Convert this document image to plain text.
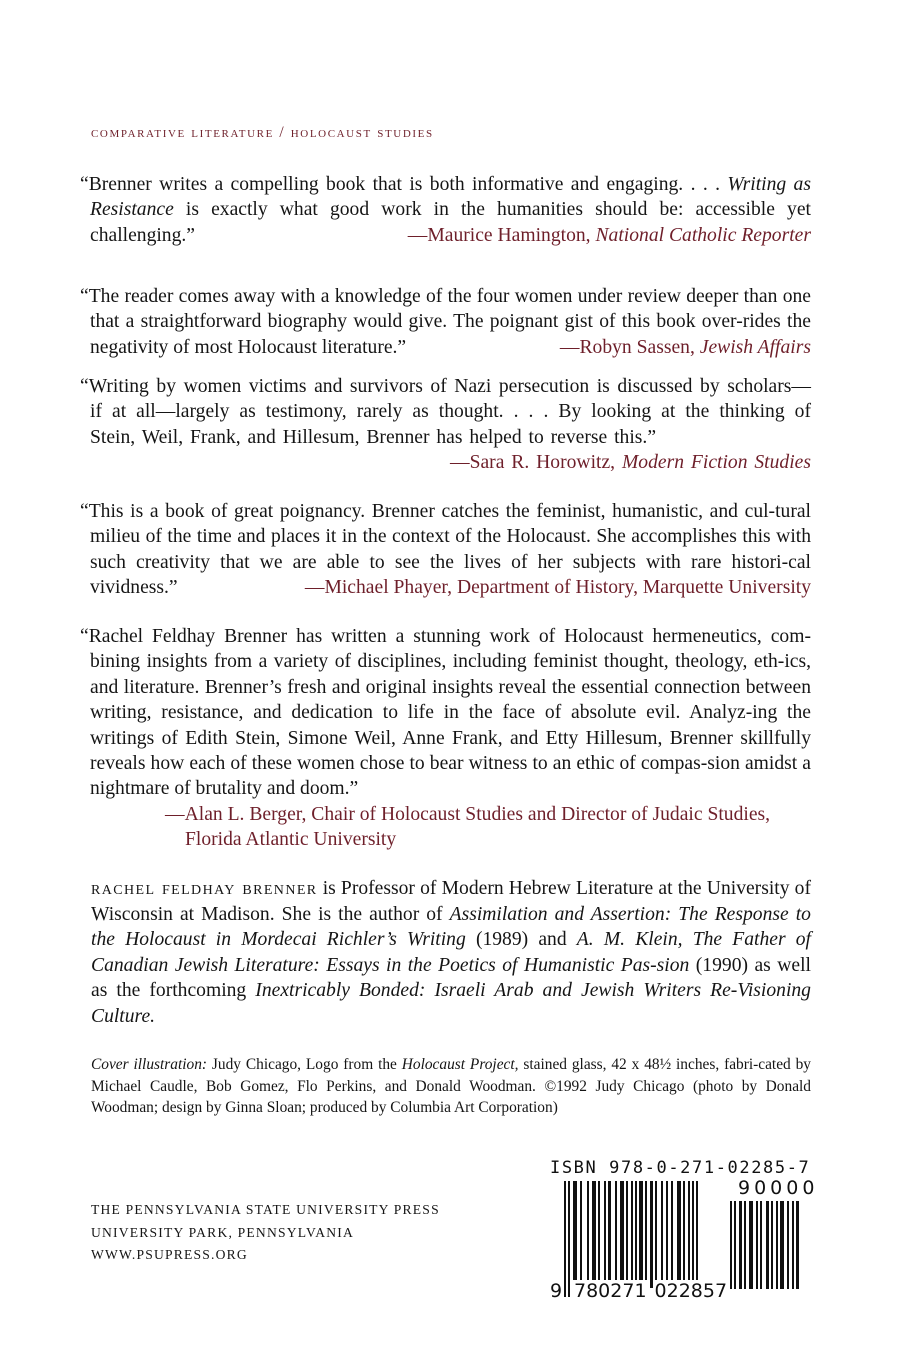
comparative literature / holocaust studies
“Brenner writes a compelling book that is both informative and engaging. . . . Writing as Resistance is exactly what good work in the humanities should be: accessible yet challenging.”	—Maurice Hamington, National Catholic Reporter
“The reader comes away with a knowledge of the four women under review deeper than one that a straightforward biography would give. The poignant gist of this book over-rides the negativity of most Holocaust literature.”	—Robyn Sassen, Jewish Affairs
“Writing by women victims and survivors of Nazi persecution is discussed by scholars—if at all—largely as testimony, rarely as thought. . . . By looking at the thinking of Stein, Weil, Frank, and Hillesum, Brenner has helped to reverse this.”
—Sara R. Horowitz, Modern Fiction Studies
“This is a book of great poignancy. Brenner catches the feminist, humanistic, and cul-tural milieu of the time and places it in the context of the Holocaust. She accomplishes this with such creativity that we are able to see the lives of her subjects with rare histori-cal vividness.”	—Michael Phayer, Department of History, Marquette University
“Rachel Feldhay Brenner has written a stunning work of Holocaust hermeneutics, com-bining insights from a variety of disciplines, including feminist thought, theology, eth-ics, and literature. Brenner’s fresh and original insights reveal the essential connection between writing, resistance, and dedication to life in the face of absolute evil. Analyz-ing the writings of Edith Stein, Simone Weil, Anne Frank, and Etty Hillesum, Brenner skillfully reveals how each of these women chose to bear witness to an ethic of compas-sion amidst a nightmare of brutality and doom.”
—Alan L. Berger, Chair of Holocaust Studies and Director of Judaic Studies,
Florida Atlantic University
rachel feldhay brenner is Professor of Modern Hebrew Literature at the University of Wisconsin at Madison. She is the author of Assimilation and Assertion: The Response to the Holocaust in Mordecai Richler’s Writing (1989) and A. M. Klein, The Father of Canadian Jewish Literature: Essays in the Poetics of Humanistic Pas-sion (1990) as well as the forthcoming Inextricably Bonded: Israeli Arab and Jewish Writers Re-Visioning Culture.
Cover illustration: Judy Chicago, Logo from the Holocaust Project, stained glass, 42 x 48½ inches, fabri-cated by Michael Caudle, Bob Gomez, Flo Perkins, and Donald Woodman. ©1992 Judy Chicago (photo by Donald Woodman; design by Ginna Sloan; produced by Columbia Art Corporation)
THE PENNSYLVANIA STATE UNIVERSITY PRESS
UNIVERSITY PARK, PENNSYLVANIA
WWW.PSUPRESS.ORG
ISBN 978-0-271-02285-7
90000
9 780271 022857
